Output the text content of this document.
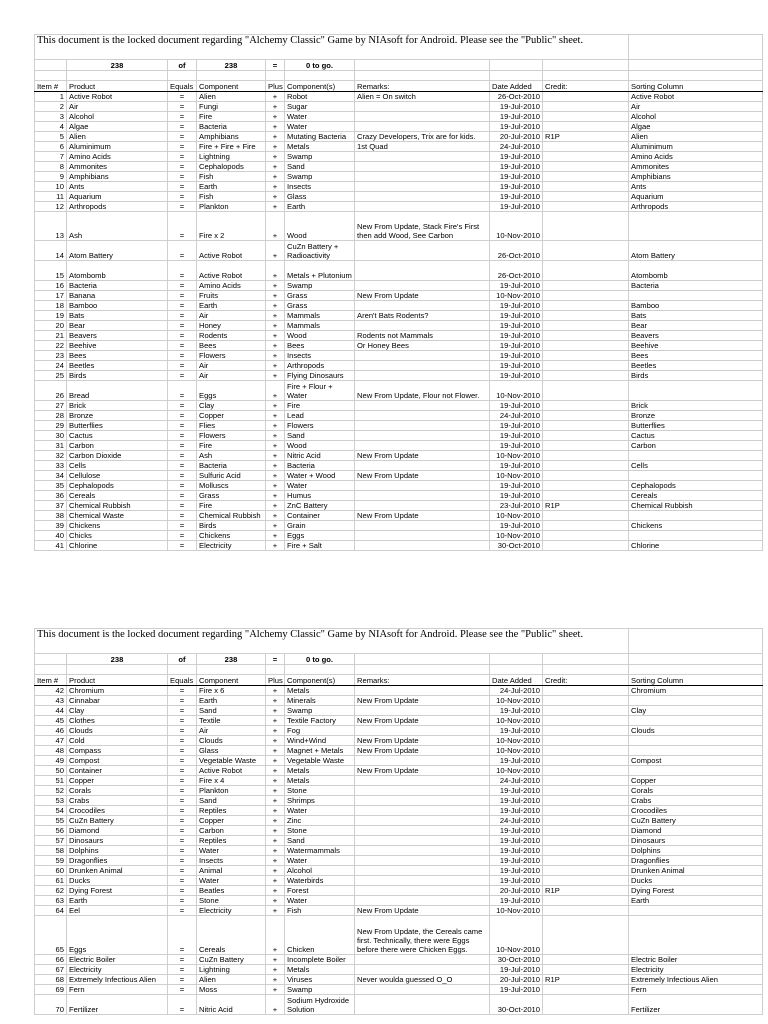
This document is the locked document regarding "Alchemy Classic" Game by NIAsoft for Android. Please see the "Public" sheet.									
	238	of	238	=	0 to go.				

Item #	Product	Equals	Component	Plus	Component(s)	Remarks:	Date Added	Credit:	Sorting Column
1	Active Robot	=	Alien	+	Robot	Alien = On switch	26-Oct-2010		Active Robot
2	Air	=	Fungi	+	Sugar		19-Jul-2010		Air
3	Alcohol	=	Fire	+	Water		19-Jul-2010		Alcohol
4	Algae	=	Bacteria	+	Water		19-Jul-2010		Algae
5	Alien	=	Amphibians	+	Mutating Bacteria	Crazy Developers, Trix are for kids.	20-Jul-2010	R1P	Alien
6	Aluminimum	=	Fire + Fire + Fire	+	Metals	1st Quad	24-Jul-2010		Aluminimum
7	Amino Acids	=	Lightning	+	Swamp		19-Jul-2010		Amino Acids
8	Ammonites	=	Cephalopods	+	Sand		19-Jul-2010		Ammonites
9	Amphibians	=	Fish	+	Swamp		19-Jul-2010		Amphibians
10	Ants	=	Earth	+	Insects		19-Jul-2010		Ants
11	Aquarium	=	Fish	+	Glass		19-Jul-2010		Aquarium
12	Arthropods	=	Plankton	+	Earth		19-Jul-2010		Arthropods
13	Ash	=	Fire x 2	+	Wood	New From Update, Stack Fire's First then add Wood, See Carbon	10-Nov-2010		
14	Atom Battery	=	Active Robot	+	CuZn Battery + Radioactivity		26-Oct-2010		Atom Battery
15	Atombomb	=	Active Robot	+	Metals + Plutonium		26-Oct-2010		Atombomb
16	Bacteria	=	Amino Acids	+	Swamp		19-Jul-2010		Bacteria
17	Banana	=	Fruits	+	Grass	New From Update	10-Nov-2010		
18	Bamboo	=	Earth	+	Grass		19-Jul-2010		Bamboo
19	Bats	=	Air	+	Mammals	Aren't Bats Rodents?	19-Jul-2010		Bats
20	Bear	=	Honey	+	Mammals		19-Jul-2010		Bear
21	Beavers	=	Rodents	+	Wood	Rodents not Mammals	19-Jul-2010		Beavers
22	Beehive	=	Bees	+	Bees	Or Honey Bees	19-Jul-2010		Beehive
23	Bees	=	Flowers	+	Insects		19-Jul-2010		Bees
24	Beetles	=	Air	+	Arthropods		19-Jul-2010		Beetles
25	Birds	=	Air	+	Flying Dinosaurs		19-Jul-2010		Birds
26	Bread	=	Eggs	+	Fire + Flour + Water	New From Update, Flour not Flower.	10-Nov-2010		
27	Brick	=	Clay	+	Fire		19-Jul-2010		Brick
28	Bronze	=	Copper	+	Lead		24-Jul-2010		Bronze
29	Butterflies	=	Flies	+	Flowers		19-Jul-2010		Butterflies
30	Cactus	=	Flowers	+	Sand		19-Jul-2010		Cactus
31	Carbon	=	Fire	+	Wood		19-Jul-2010		Carbon
32	Carbon Dioxide	=	Ash	+	Nitric Acid	New From Update	10-Nov-2010		
33	Cells	=	Bacteria	+	Bacteria		19-Jul-2010		Cells
34	Cellulose	=	Sulfuric Acid	+	Water + Wood	New From Update	10-Nov-2010		
35	Cephalopods	=	Molluscs	+	Water		19-Jul-2010		Cephalopods
36	Cereals	=	Grass	+	Humus		19-Jul-2010		Cereals
37	Chemical Rubbish	=	Fire	+	ZnC Battery		23-Jul-2010	R1P	Chemical Rubbish
38	Chemical Waste	=	Chemical Rubbish	+	Container	New From Update	10-Nov-2010		
39	Chickens	=	Birds	+	Grain		19-Jul-2010		Chickens
40	Chicks	=	Chickens	+	Eggs		10-Nov-2010		
41	Chlorine	=	Electricity	+	Fire + Salt		30-Oct-2010		Chlorine
This document is the locked document regarding "Alchemy Classic" Game by NIAsoft for Android. Please see the "Public" sheet.									
	238	of	238	=	0 to go.				

Item #	Product	Equals	Component	Plus	Component(s)	Remarks:	Date Added	Credit:	Sorting Column
42	Chromium	=	Fire x 6	+	Metals		24-Jul-2010		Chromium
43	Cinnabar	=	Earth	+	Minerals	New From Update	10-Nov-2010		
44	Clay	=	Sand	+	Swamp		19-Jul-2010		Clay
45	Clothes	=	Textile	+	Textile Factory	New From Update	10-Nov-2010		
46	Clouds	=	Air	+	Fog		19-Jul-2010		Clouds
47	Cold	=	Clouds	+	Wind+Wind	New From Update	10-Nov-2010		
48	Compass	=	Glass	+	Magnet + Metals	New From Update	10-Nov-2010		
49	Compost	=	Vegetable Waste	+	Vegetable Waste		19-Jul-2010		Compost
50	Container	=	Active Robot	+	Metals	New From Update	10-Nov-2010		
51	Copper	=	Fire x 4	+	Metals		24-Jul-2010		Copper
52	Corals	=	Plankton	+	Stone		19-Jul-2010		Corals
53	Crabs	=	Sand	+	Shrimps		19-Jul-2010		Crabs
54	Crocodiles	=	Reptiles	+	Water		19-Jul-2010		Crocodiles
55	CuZn Battery	=	Copper	+	Zinc		24-Jul-2010		CuZn Battery
56	Diamond	=	Carbon	+	Stone		19-Jul-2010		Diamond
57	Dinosaurs	=	Reptiles	+	Sand		19-Jul-2010		Dinosaurs
58	Dolphins	=	Water	+	Watermammals		19-Jul-2010		Dolphins
59	Dragonflies	=	Insects	+	Water		19-Jul-2010		Dragonflies
60	Drunken Animal	=	Animal	+	Alcohol		19-Jul-2010		Drunken Animal
61	Ducks	=	Water	+	Waterbirds		19-Jul-2010		Ducks
62	Dying Forest	=	Beatles	+	Forest		20-Jul-2010	R1P	Dying Forest
63	Earth	=	Stone	+	Water		19-Jul-2010		Earth
64	Eel	=	Electricity	+	Fish	New From Update	10-Nov-2010		
65	Eggs	=	Cereals	+	Chicken	New From Update, the Cereals came first. Technically, there were Eggs before there were Chicken Eggs.	10-Nov-2010		
66	Electric Boiler	=	CuZn Battery	+	Incomplete Boiler		30-Oct-2010		Electric Boiler
67	Electricity	=	Lightning	+	Metals		19-Jul-2010		Electricity
68	Extremely Infectious Alien	=	Alien	+	Viruses	Never woulda guessed O_O	20-Jul-2010	R1P	Extremely Infectious Alien
69	Fern	=	Moss	+	Swamp		19-Jul-2010		Fern
70	Fertilizer	=	Nitric Acid	+	Sodium Hydroxide Solution		30-Oct-2010		Fertilizer
